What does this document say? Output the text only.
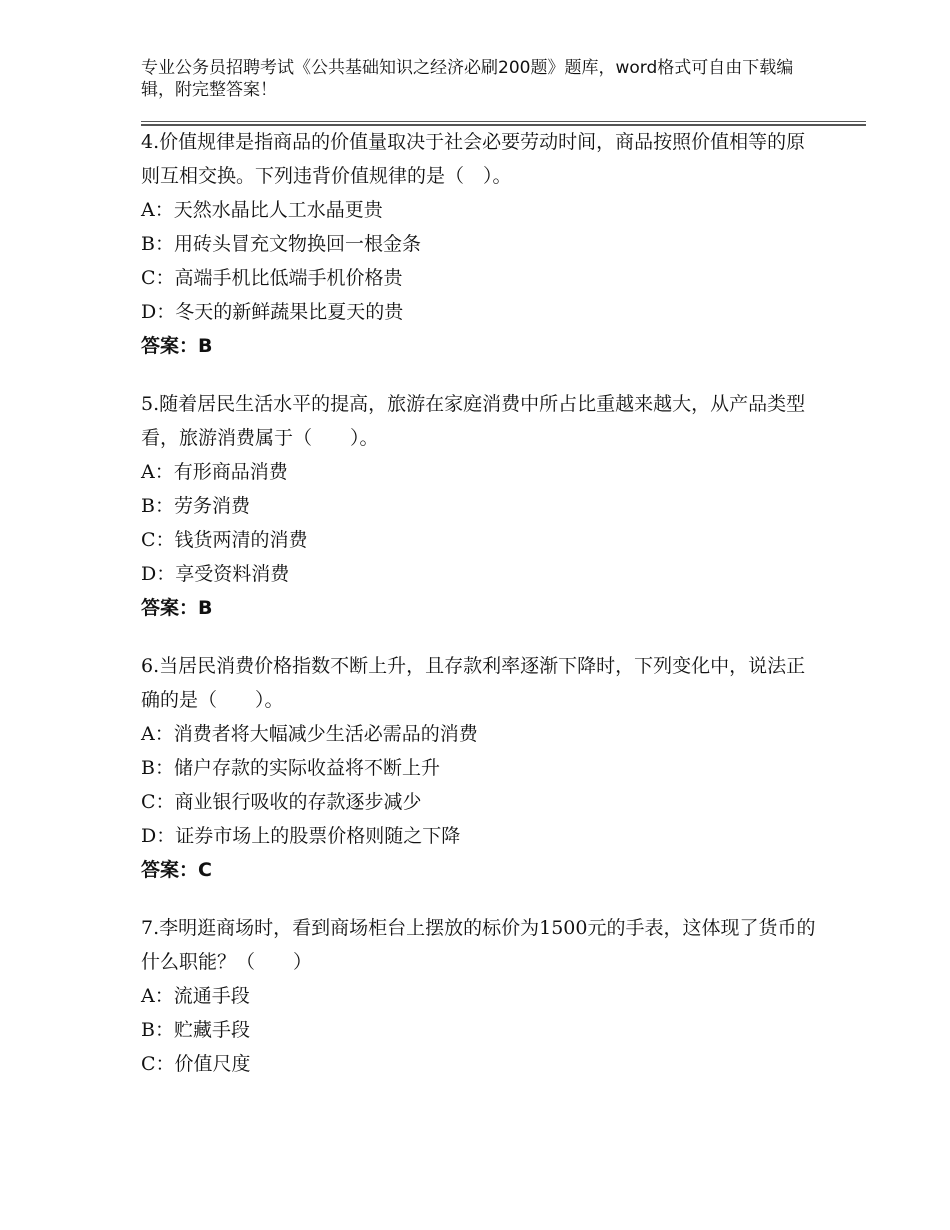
专业公务员招聘考试《公共基础知识之经济必刷200题》题库，word格式可自由下载编辑，附完整答案！

4.价值规律是指商品的价值量取决于社会必要劳动时间，商品按照价值相等的原则互相交换。下列违背价值规律的是（　）。

A：天然水晶比人工水晶更贵

B：用砖头冒充文物换回一根金条

C：高端手机比低端手机价格贵

D：冬天的新鲜蔬果比夏天的贵

答案：B

5.随着居民生活水平的提高，旅游在家庭消费中所占比重越来越大，从产品类型看，旅游消费属于（　　）。

A：有形商品消费

B：劳务消费

C：钱货两清的消费

D：享受资料消费

答案：B

6.当居民消费价格指数不断上升，且存款利率逐渐下降时，下列变化中，说法正确的是（　　）。

A：消费者将大幅减少生活必需品的消费

B：储户存款的实际收益将不断上升

C：商业银行吸收的存款逐步减少

D：证券市场上的股票价格则随之下降

答案：C

7.李明逛商场时，看到商场柜台上摆放的标价为1500元的手表，这体现了货币的什么职能？（　　）

A：流通手段

B：贮藏手段

C：价值尺度
